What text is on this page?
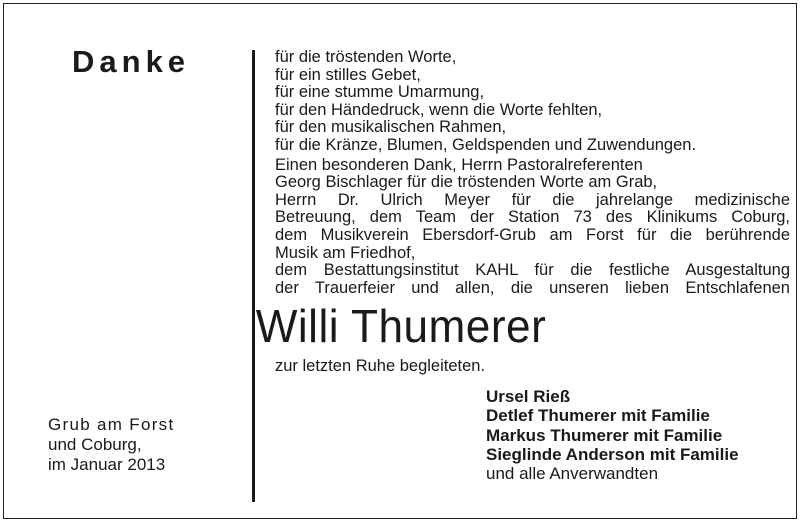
Danke	für die tröstenden Worte,
für ein stilles Gebet,
für eine stumme Umarmung,
für den Händedruck, wenn die Worte fehlten,
für den musikalischen Rahmen,
für die Kränze, Blumen, Geldspenden und Zuwendungen.
Einen besonderen Dank, Herrn Pastoralreferenten
Georg Bischlager für die tröstenden Worte am Grab,
Herrn Dr. Ulrich Meyer für die jahrelange medizinische
Betreuung, dem Team der Station 73 des Klinikums Coburg,
dem Musikverein Ebersdorf-Grub am Forst für die berührende
Musik am Friedhof,
dem Bestattungsinstitut KAHL für die festliche Ausgestaltung
der Trauerfeier und allen, die unseren lieben Entschlafenen
Willi Thumerer
zur letzten Ruhe begleiteten.
Grub am Forst
und Coburg,
im Januar 2013
Ursel Rieß
Detlef Thumerer mit Familie
Markus Thumerer mit Familie
Sieglinde Anderson mit Familie
und alle Anverwandten
